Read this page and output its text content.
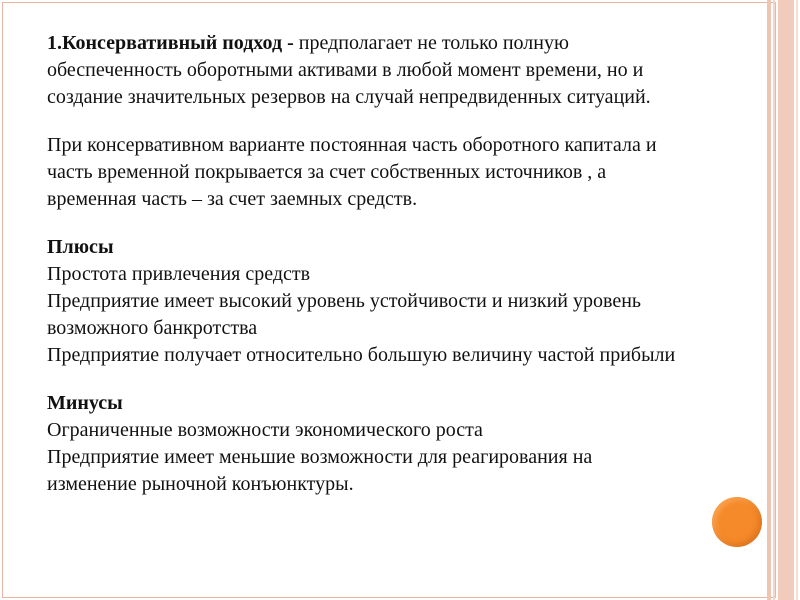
1.Консервативный подход - предполагает не только полную

обеспеченность оборотными активами в любой момент времени, но и

создание значительных резервов на случай непредвиденных ситуаций.

При консервативном варианте постоянная часть оборотного капитала и

часть временной покрывается за счет собственных источников , а

временная часть – за счет заемных средств.

Плюсы

Простота привлечения средств

Предприятие имеет высокий уровень устойчивости и низкий уровень

возможного банкротства

Предприятие получает относительно большую величину частой прибыли

Минусы

Ограниченные возможности экономического роста

Предприятие имеет меньшие возможности для реагирования на

изменение рыночной конъюнктуры.
